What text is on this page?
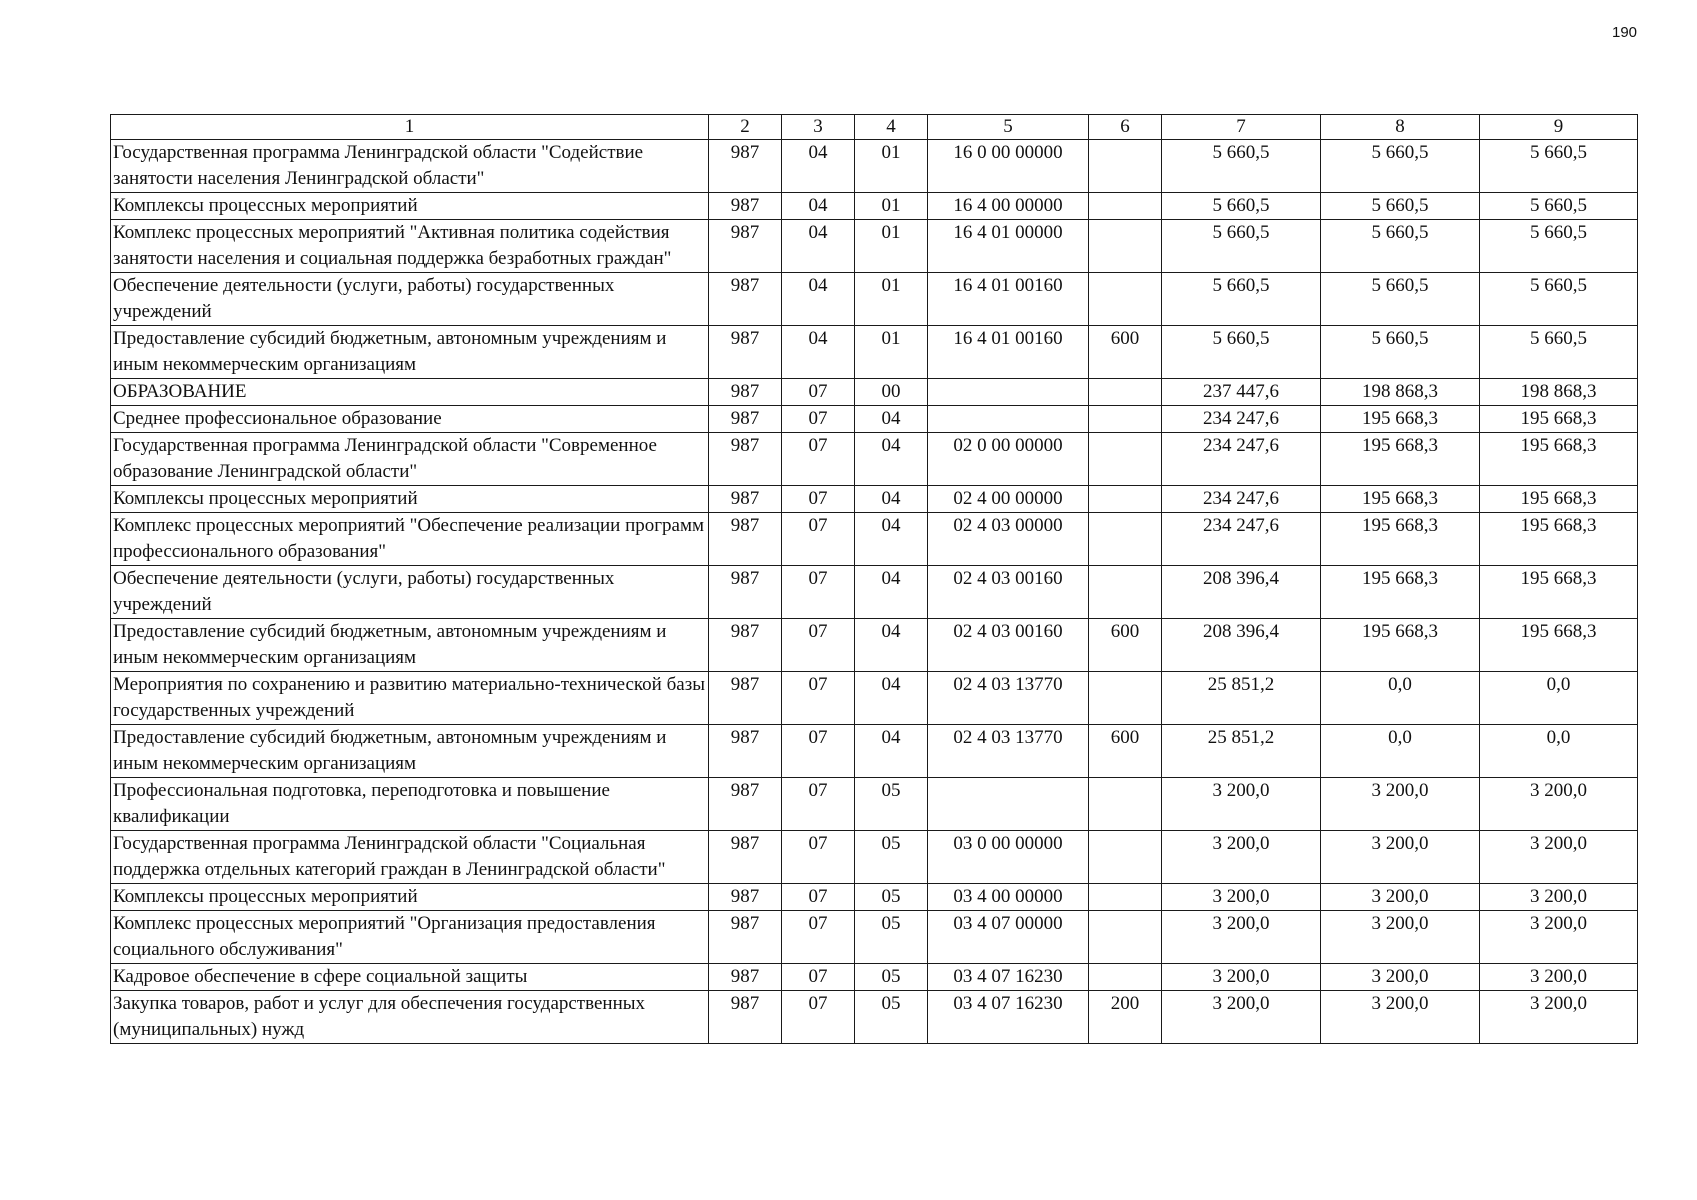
190
1	2	3	4	5	6	7	8	9
Государственная программа Ленинградской области "Содействие занятости населения Ленинградской области"	987	04	01	16 0 00 00000		5 660,5	5 660,5	5 660,5
Комплексы процессных мероприятий	987	04	01	16 4 00 00000		5 660,5	5 660,5	5 660,5
Комплекс процессных мероприятий "Активная политика содействия занятости населения и социальная поддержка безработных граждан"	987	04	01	16 4 01 00000		5 660,5	5 660,5	5 660,5
Обеспечение деятельности (услуги, работы) государственных учреждений	987	04	01	16 4 01 00160		5 660,5	5 660,5	5 660,5
Предоставление субсидий бюджетным, автономным учреждениям и иным некоммерческим организациям	987	04	01	16 4 01 00160	600	5 660,5	5 660,5	5 660,5
ОБРАЗОВАНИЕ	987	07	00			237 447,6	198 868,3	198 868,3
Среднее профессиональное образование	987	07	04			234 247,6	195 668,3	195 668,3
Государственная программа Ленинградской области "Современное образование Ленинградской области"	987	07	04	02 0 00 00000		234 247,6	195 668,3	195 668,3
Комплексы процессных мероприятий	987	07	04	02 4 00 00000		234 247,6	195 668,3	195 668,3
Комплекс процессных мероприятий "Обеспечение реализации программ профессионального образования"	987	07	04	02 4 03 00000		234 247,6	195 668,3	195 668,3
Обеспечение деятельности (услуги, работы) государственных учреждений	987	07	04	02 4 03 00160		208 396,4	195 668,3	195 668,3
Предоставление субсидий бюджетным, автономным учреждениям и иным некоммерческим организациям	987	07	04	02 4 03 00160	600	208 396,4	195 668,3	195 668,3
Мероприятия по сохранению и развитию материально-технической базы государственных учреждений	987	07	04	02 4 03 13770		25 851,2	0,0	0,0
Предоставление субсидий бюджетным, автономным учреждениям и иным некоммерческим организациям	987	07	04	02 4 03 13770	600	25 851,2	0,0	0,0
Профессиональная подготовка, переподготовка и повышение квалификации	987	07	05			3 200,0	3 200,0	3 200,0
Государственная программа Ленинградской области "Социальная поддержка отдельных категорий граждан в Ленинградской области"	987	07	05	03 0 00 00000		3 200,0	3 200,0	3 200,0
Комплексы процессных мероприятий	987	07	05	03 4 00 00000		3 200,0	3 200,0	3 200,0
Комплекс процессных мероприятий "Организация предоставления социального обслуживания"	987	07	05	03 4 07 00000		3 200,0	3 200,0	3 200,0
Кадровое обеспечение в сфере социальной защиты	987	07	05	03 4 07 16230		3 200,0	3 200,0	3 200,0
Закупка товаров, работ и услуг для обеспечения государственных (муниципальных) нужд	987	07	05	03 4 07 16230	200	3 200,0	3 200,0	3 200,0
